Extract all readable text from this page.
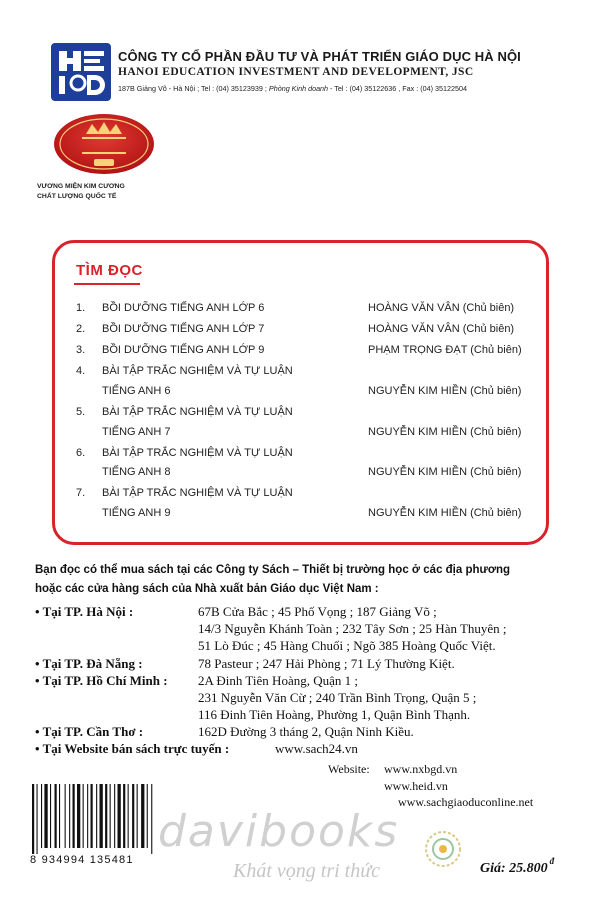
CÔNG TY CỔ PHẦN ĐẦU TƯ VÀ PHÁT TRIỂN GIÁO DỤC HÀ NỘI
HANOI EDUCATION INVESTMENT AND DEVELOPMENT, JSC
187B Giảng Võ - Hà Nội ; Tel : (04) 35123939 ; Phòng Kinh doanh - Tel : (04) 35122636 , Fax : (04) 35122504
VƯƠNG MIỆN KIM CƯƠNG
CHẤT LƯỢNG QUỐC TẾ
TÌM ĐỌC
1. BỒI DƯỠNG TIẾNG ANH LỚP 6	HOÀNG VĂN VÂN (Chủ biên)
2. BỒI DƯỠNG TIẾNG ANH LỚP 7	HOÀNG VĂN VÂN (Chủ biên)
3. BỒI DƯỠNG TIẾNG ANH LỚP 9	PHẠM TRỌNG ĐẠT (Chủ biên)
4. BÀI TẬP TRẮC NGHIỆM VÀ TỰ LUẬN
TIẾNG ANH 6	NGUYỄN KIM HIỀN (Chủ biên)
5. BÀI TẬP TRẮC NGHIỆM VÀ TỰ LUẬN
TIẾNG ANH 7	NGUYỄN KIM HIỀN (Chủ biên)
6. BÀI TẬP TRẮC NGHIỆM VÀ TỰ LUẬN
TIẾNG ANH 8	NGUYỄN KIM HIỀN (Chủ biên)
7. BÀI TẬP TRẮC NGHIỆM VÀ TỰ LUẬN
TIẾNG ANH 9	NGUYỄN KIM HIỀN (Chủ biên)
Bạn đọc có thể mua sách tại các Công ty Sách – Thiết bị trường học ở các địa phương
hoặc các cửa hàng sách của Nhà xuất bản Giáo dục Việt Nam :
• Tại TP. Hà Nội :	67B Cửa Bắc ; 45 Phố Vọng ; 187 Giảng Võ ;
14/3 Nguyễn Khánh Toàn ; 232 Tây Sơn ; 25 Hàn Thuyên ;
51 Lò Đúc ; 45 Hàng Chuối ; Ngõ 385 Hoàng Quốc Việt.
• Tại TP. Đà Nẵng :	78 Pasteur ; 247 Hải Phòng ; 71 Lý Thường Kiệt.
• Tại TP. Hồ Chí Minh : 2A Đinh Tiên Hoàng, Quận 1 ;
231 Nguyễn Văn Cừ ; 240 Trần Bình Trọng, Quận 5 ;
116 Đinh Tiên Hoàng, Phường 1, Quận Bình Thạnh.
• Tại TP. Cần Thơ :	162D Đường 3 tháng 2, Quận Ninh Kiều.
• Tại Website bán sách trực tuyến :	www.sach24.vn
Website: www.nxbgd.vn
www.heid.vn
www.sachgiaoduconline.net
8 934994 135481
davibooks
Khát vọng tri thức	Giá: 25.800 $^đ$
